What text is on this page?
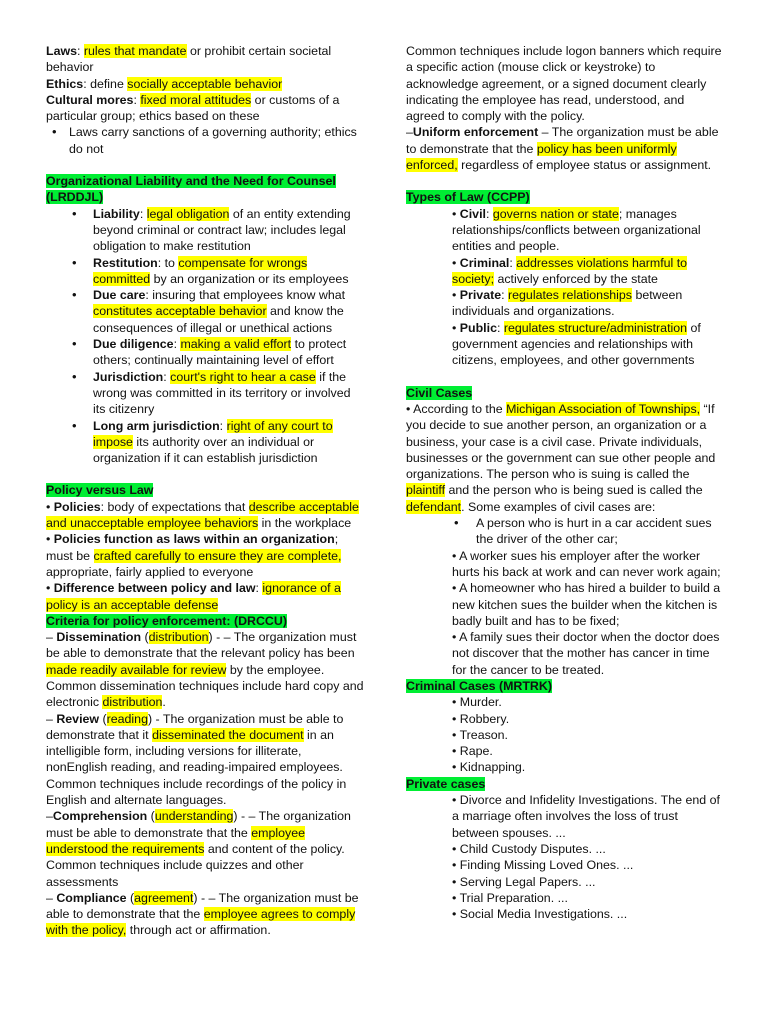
Laws: rules that mandate or prohibit certain societal behavior

Ethics: define socially acceptable behavior

Cultural mores: fixed moral attitudes or customs of a particular group; ethics based on these

• Laws carry sanctions of a governing authority; ethics do not

Organizational Liability and the Need for Counsel (LRDDJL)

• Liability: legal obligation of an entity extending beyond criminal or contract law; includes legal obligation to make restitution
• Restitution: to compensate for wrongs committed by an organization or its employees
• Due care: insuring that employees know what constitutes acceptable behavior and know the consequences of illegal or unethical actions
• Due diligence: making a valid effort to protect others; continually maintaining level of effort
• Jurisdiction: court's right to hear a case if the wrong was committed in its territory or involved its citizenry
• Long arm jurisdiction: right of any court to impose its authority over an individual or organization if it can establish jurisdiction

Policy versus Law

• Policies: body of expectations that describe acceptable and unacceptable employee behaviors in the workplace

• Policies function as laws within an organization; must be crafted carefully to ensure they are complete, appropriate, fairly applied to everyone

• Difference between policy and law: ignorance of a policy is an acceptable defense

Criteria for policy enforcement: (DRCCU)

– Dissemination (distribution) - – The organization must be able to demonstrate that the relevant policy has been made readily available for review by the employee. Common dissemination techniques include hard copy and electronic distribution.

– Review (reading) - The organization must be able to demonstrate that it disseminated the document in an intelligible form, including versions for illiterate, nonEnglish reading, and reading-impaired employees. Common techniques include recordings of the policy in English and alternate languages.

–Comprehension (understanding) - – The organization must be able to demonstrate that the employee understood the requirements and content of the policy. Common techniques include quizzes and other assessments

– Compliance (agreement) - – The organization must be able to demonstrate that the employee agrees to comply with the policy, through act or affirmation.

Common techniques include logon banners which require a specific action (mouse click or keystroke) to acknowledge agreement, or a signed document clearly indicating the employee has read, understood, and agreed to comply with the policy.

–Uniform enforcement – The organization must be able to demonstrate that the policy has been uniformly enforced, regardless of employee status or assignment.

Types of Law (CCPP)

• Civil: governs nation or state; manages relationships/conflicts between organizational entities and people.

• Criminal: addresses violations harmful to society; actively enforced by the state

• Private: regulates relationships between individuals and organizations.

• Public: regulates structure/administration of government agencies and relationships with citizens, employees, and other governments

Civil Cases

• According to the Michigan Association of Townships, “If you decide to sue another person, an organization or a business, your case is a civil case. Private individuals, businesses or the government can sue other people and organizations. The person who is suing is called the plaintiff and the person who is being sued is called the defendant. Some examples of civil cases are:

• A person who is hurt in a car accident sues the driver of the other car;

• A worker sues his employer after the worker hurts his back at work and can never work again;

• A homeowner who has hired a builder to build a new kitchen sues the builder when the kitchen is badly built and has to be fixed;

• A family sues their doctor when the doctor does not discover that the mother has cancer in time for the cancer to be treated.

Criminal Cases (MRTRK)

• Murder.

• Robbery.

• Treason.

• Rape.

• Kidnapping.

Private cases

• Divorce and Infidelity Investigations. The end of a marriage often involves the loss of trust between spouses. ...

• Child Custody Disputes. ...

• Finding Missing Loved Ones. ...

• Serving Legal Papers. ...

• Trial Preparation. ...

• Social Media Investigations. ...
